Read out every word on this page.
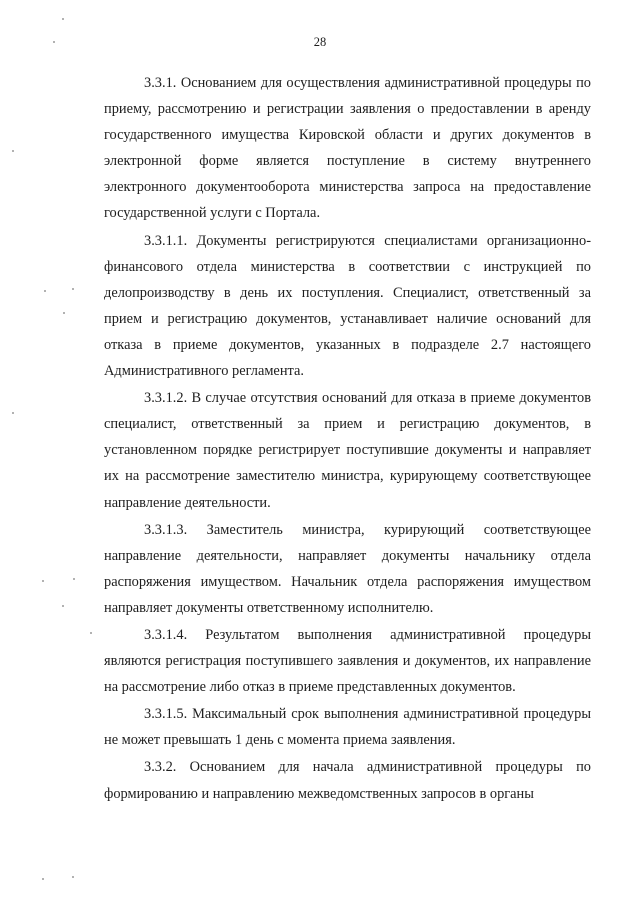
28

3.3.1. Основанием для осуществления административной процедуры по приему, рассмотрению и регистрации заявления о предоставлении в аренду государственного имущества Кировской области и других документов в электронной форме является поступление в систему внутреннего электронного документооборота министерства запроса на предоставление государственной услуги с Портала.

3.3.1.1. Документы регистрируются специалистами организационно-финансового отдела министерства в соответствии с инструкцией по делопроизводству в день их поступления. Специалист, ответственный за прием и регистрацию документов, устанавливает наличие оснований для отказа в приеме документов, указанных в подразделе 2.7 настоящего Административного регламента.

3.3.1.2. В случае отсутствия оснований для отказа в приеме документов специалист, ответственный за прием и регистрацию документов, в установленном порядке регистрирует поступившие документы и направляет их на рассмотрение заместителю министра, курирующему соответствующее направление деятельности.

3.3.1.3. Заместитель министра, курирующий соответствующее направление деятельности, направляет документы начальнику отдела распоряжения имуществом. Начальник отдела распоряжения имуществом направляет документы ответственному исполнителю.

3.3.1.4. Результатом выполнения административной процедуры являются регистрация поступившего заявления и документов, их направление на рассмотрение либо отказ в приеме представленных документов.

3.3.1.5. Максимальный срок выполнения административной процедуры не может превышать 1 день с момента приема заявления.

3.3.2. Основанием для начала административной процедуры по формированию и направлению межведомственных запросов в органы
